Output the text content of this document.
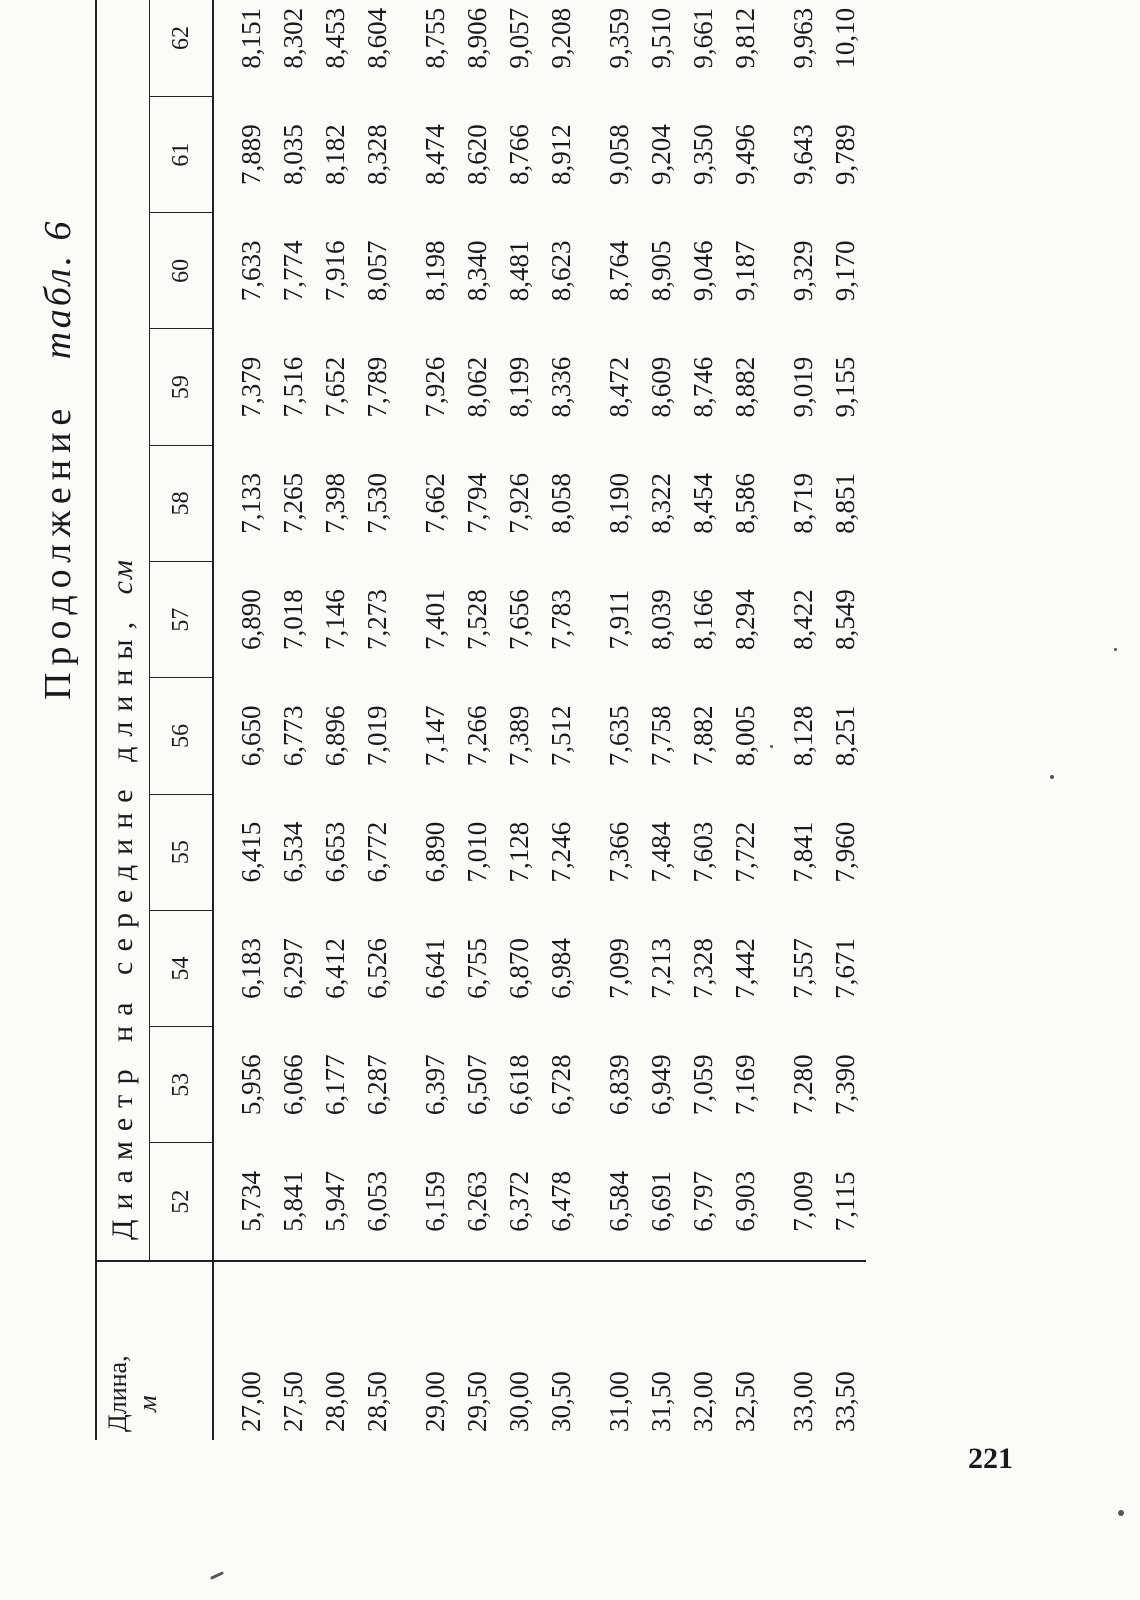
Продолжение табл. 6
Длина, м	Диаметр на середине длины, см										
	52	53	54	55	56	57	58	59	60	61	62
27,00	5,734	5,956	6,183	6,415	6,650	6,890	7,133	7,379	7,633	7,889	8,151
27,50	5,841	6,066	6,297	6,534	6,773	7,018	7,265	7,516	7,774	8,035	8,302
28,00	5,947	6,177	6,412	6,653	6,896	7,146	7,398	7,652	7,916	8,182	8,453
28,50	6,053	6,287	6,526	6,772	7,019	7,273	7,530	7,789	8,057	8,328	8,604
29,00	6,159	6,397	6,641	6,890	7,147	7,401	7,662	7,926	8,198	8,474	8,755
29,50	6,263	6,507	6,755	7,010	7,266	7,528	7,794	8,062	8,340	8,620	8,906
30,00	6,372	6,618	6,870	7,128	7,389	7,656	7,926	8,199	8,481	8,766	9,057
30,50	6,478	6,728	6,984	7,246	7,512	7,783	8,058	8,336	8,623	8,912	9,208
31,00	6,584	6,839	7,099	7,366	7,635	7,911	8,190	8,472	8,764	9,058	9,359
31,50	6,691	6,949	7,213	7,484	7,758	8,039	8,322	8,609	8,905	9,204	9,510
32,00	6,797	7,059	7,328	7,603	7,882	8,166	8,454	8,746	9,046	9,350	9,661
32,50	6,903	7,169	7,442	7,722	8,005	8,294	8,586	8,882	9,187	9,496	9,812
33,00	7,009	7,280	7,557	7,841	8,128	8,422	8,719	9,019	9,329	9,643	9,963
33,50	7,115	7,390	7,671	7,960	8,251	8,549	8,851	9,155	9,170	9,789	10,10
221
